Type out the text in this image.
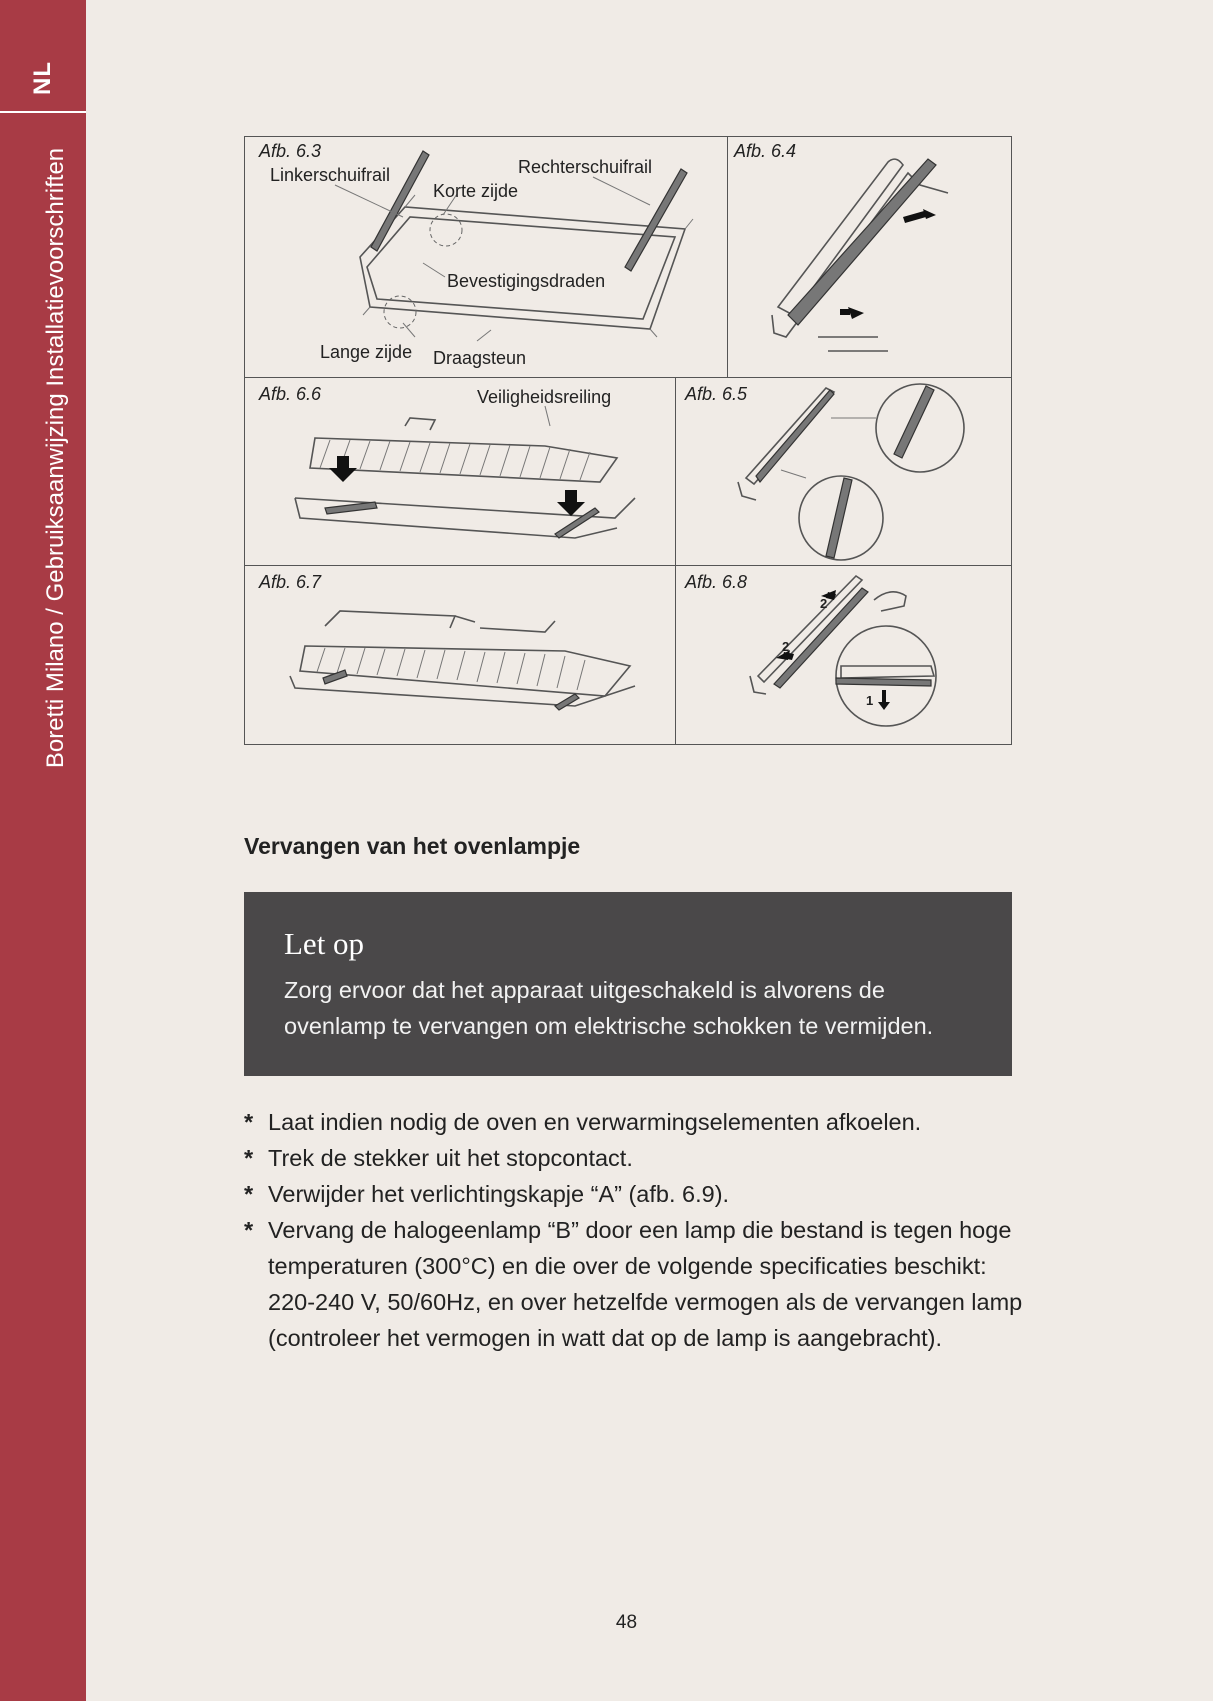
NL
Boretti Milano / Gebruiksaanwijzing Installatievoorschriften	Afb. 6.3
Linkerschuifrail	Rechterschuifrail
Korte zijde
Bevestigingsdraden
Lange zijde Draagsteun
Afb. 6.4
Afb. 6.6	Veiligheidsreiling	Afb. 6.5
Afb. 6.7	Afb. 6.8
2
2
1
Vervangen van het ovenlampje
Let op

Zorg ervoor dat het apparaat uitgeschakeld is alvorens de ovenlamp te vervangen om elektrische schokken te vermijden.

* Laat indien nodig de oven en verwarmingselementen afkoelen.
* Trek de stekker uit het stopcontact.
* Verwijder het verlichtingskapje “A” (afb. 6.9).
* Vervang de halogeenlamp “B” door een lamp die bestand is tegen hoge temperaturen (300°C) en die over de volgende specificaties beschikt: 220-240 V, 50/60Hz, en over hetzelfde vermogen als de vervangen lamp (controleer het vermogen in watt dat op de lamp is aangebracht).
48
